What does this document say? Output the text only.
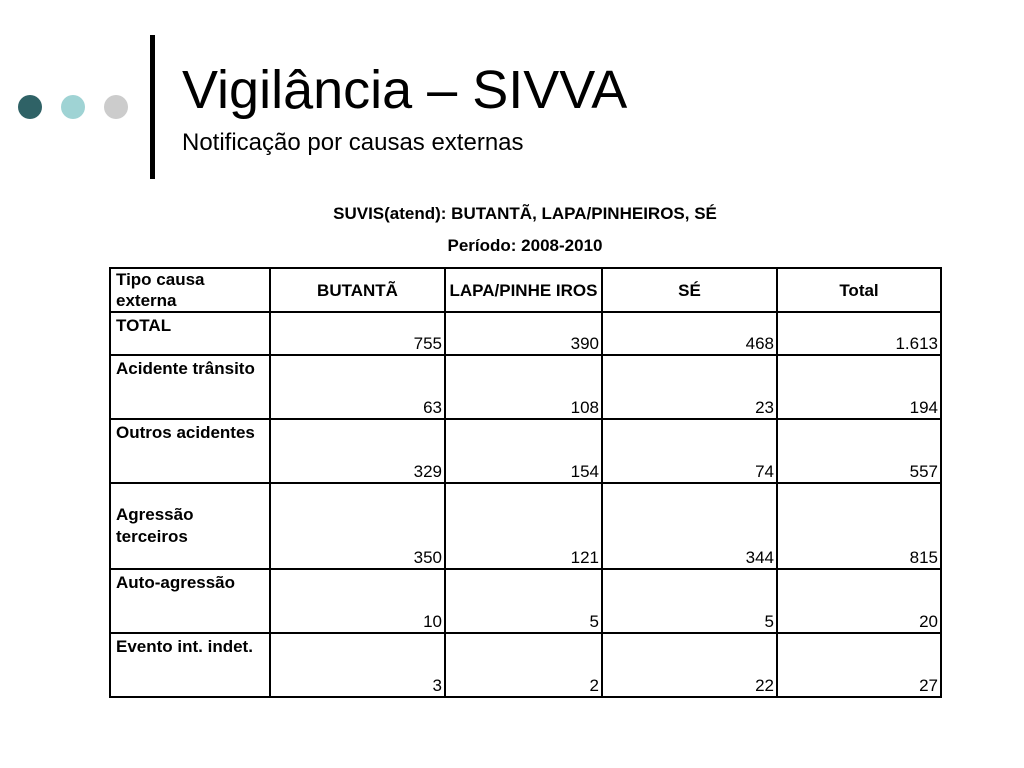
Vigilância – SIVVA
Notificação por causas externas
SUVIS(atend): BUTANTÃ, LAPA/PINHEIROS, SÉ
Período: 2008-2010
Tipo causa externa	BUTANTÃ	LAPA/PINHE IROS	SÉ	Total
TOTAL	755	390	468	1.613
Acidente trânsito	63	108	23	194
Outros acidentes	329	154	74	557
Agressão terceiros	350	121	344	815
Auto-agressão	10	5	5	20
Evento int. indet.	3	2	22	27
